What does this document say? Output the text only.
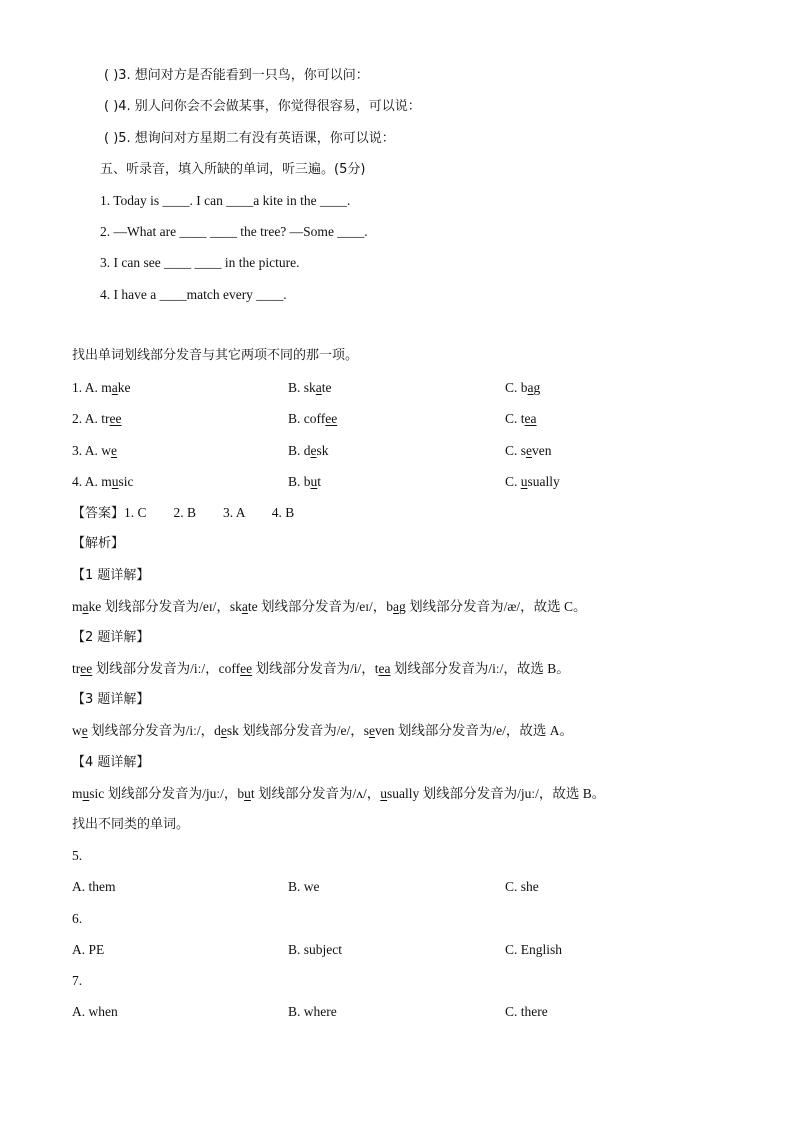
( )3. 想问对方是否能看到一只鸟，你可以问：
( )4. 别人问你会不会做某事，你觉得很容易，可以说：
( )5. 想询问对方星期二有没有英语课，你可以说：
五、听录音，填入所缺的单词，听三遍。(5分)
1. Today is ____. I can ____a kite in the ____.
2. —What are ____ ____ the tree? —Some ____.
3. I can see ____ ____ in the picture.
4. I have a ____match every ____.
找出单词划线部分发音与其它两项不同的那一项。
1. A. make	B. skate	C. bag
2. A. tree	B. coffee	C. tea
3. A. we	B. desk	C. seven
4. A. music	B. but	C. usually
【答案】1. C        2. B        3. A        4. B
【解析】
【1 题详解】
make 划线部分发音为/eɪ/，skate 划线部分发音为/eɪ/，bag 划线部分发音为/æ/，故选 C。
【2 题详解】
tree 划线部分发音为/iː/，coffee 划线部分发音为/i/，tea 划线部分发音为/iː/，故选 B。
【3 题详解】
we 划线部分发音为/iː/，desk 划线部分发音为/e/，seven 划线部分发音为/e/，故选 A。
【4 题详解】
music 划线部分发音为/juː/，but 划线部分发音为/ʌ/，usually 划线部分发音为/juː/，故选 B。
找出不同类的单词。
5.
A. them	B. we	C. she
6.
A. PE	B. subject	C. English
7.
A. when	B. where	C. there
